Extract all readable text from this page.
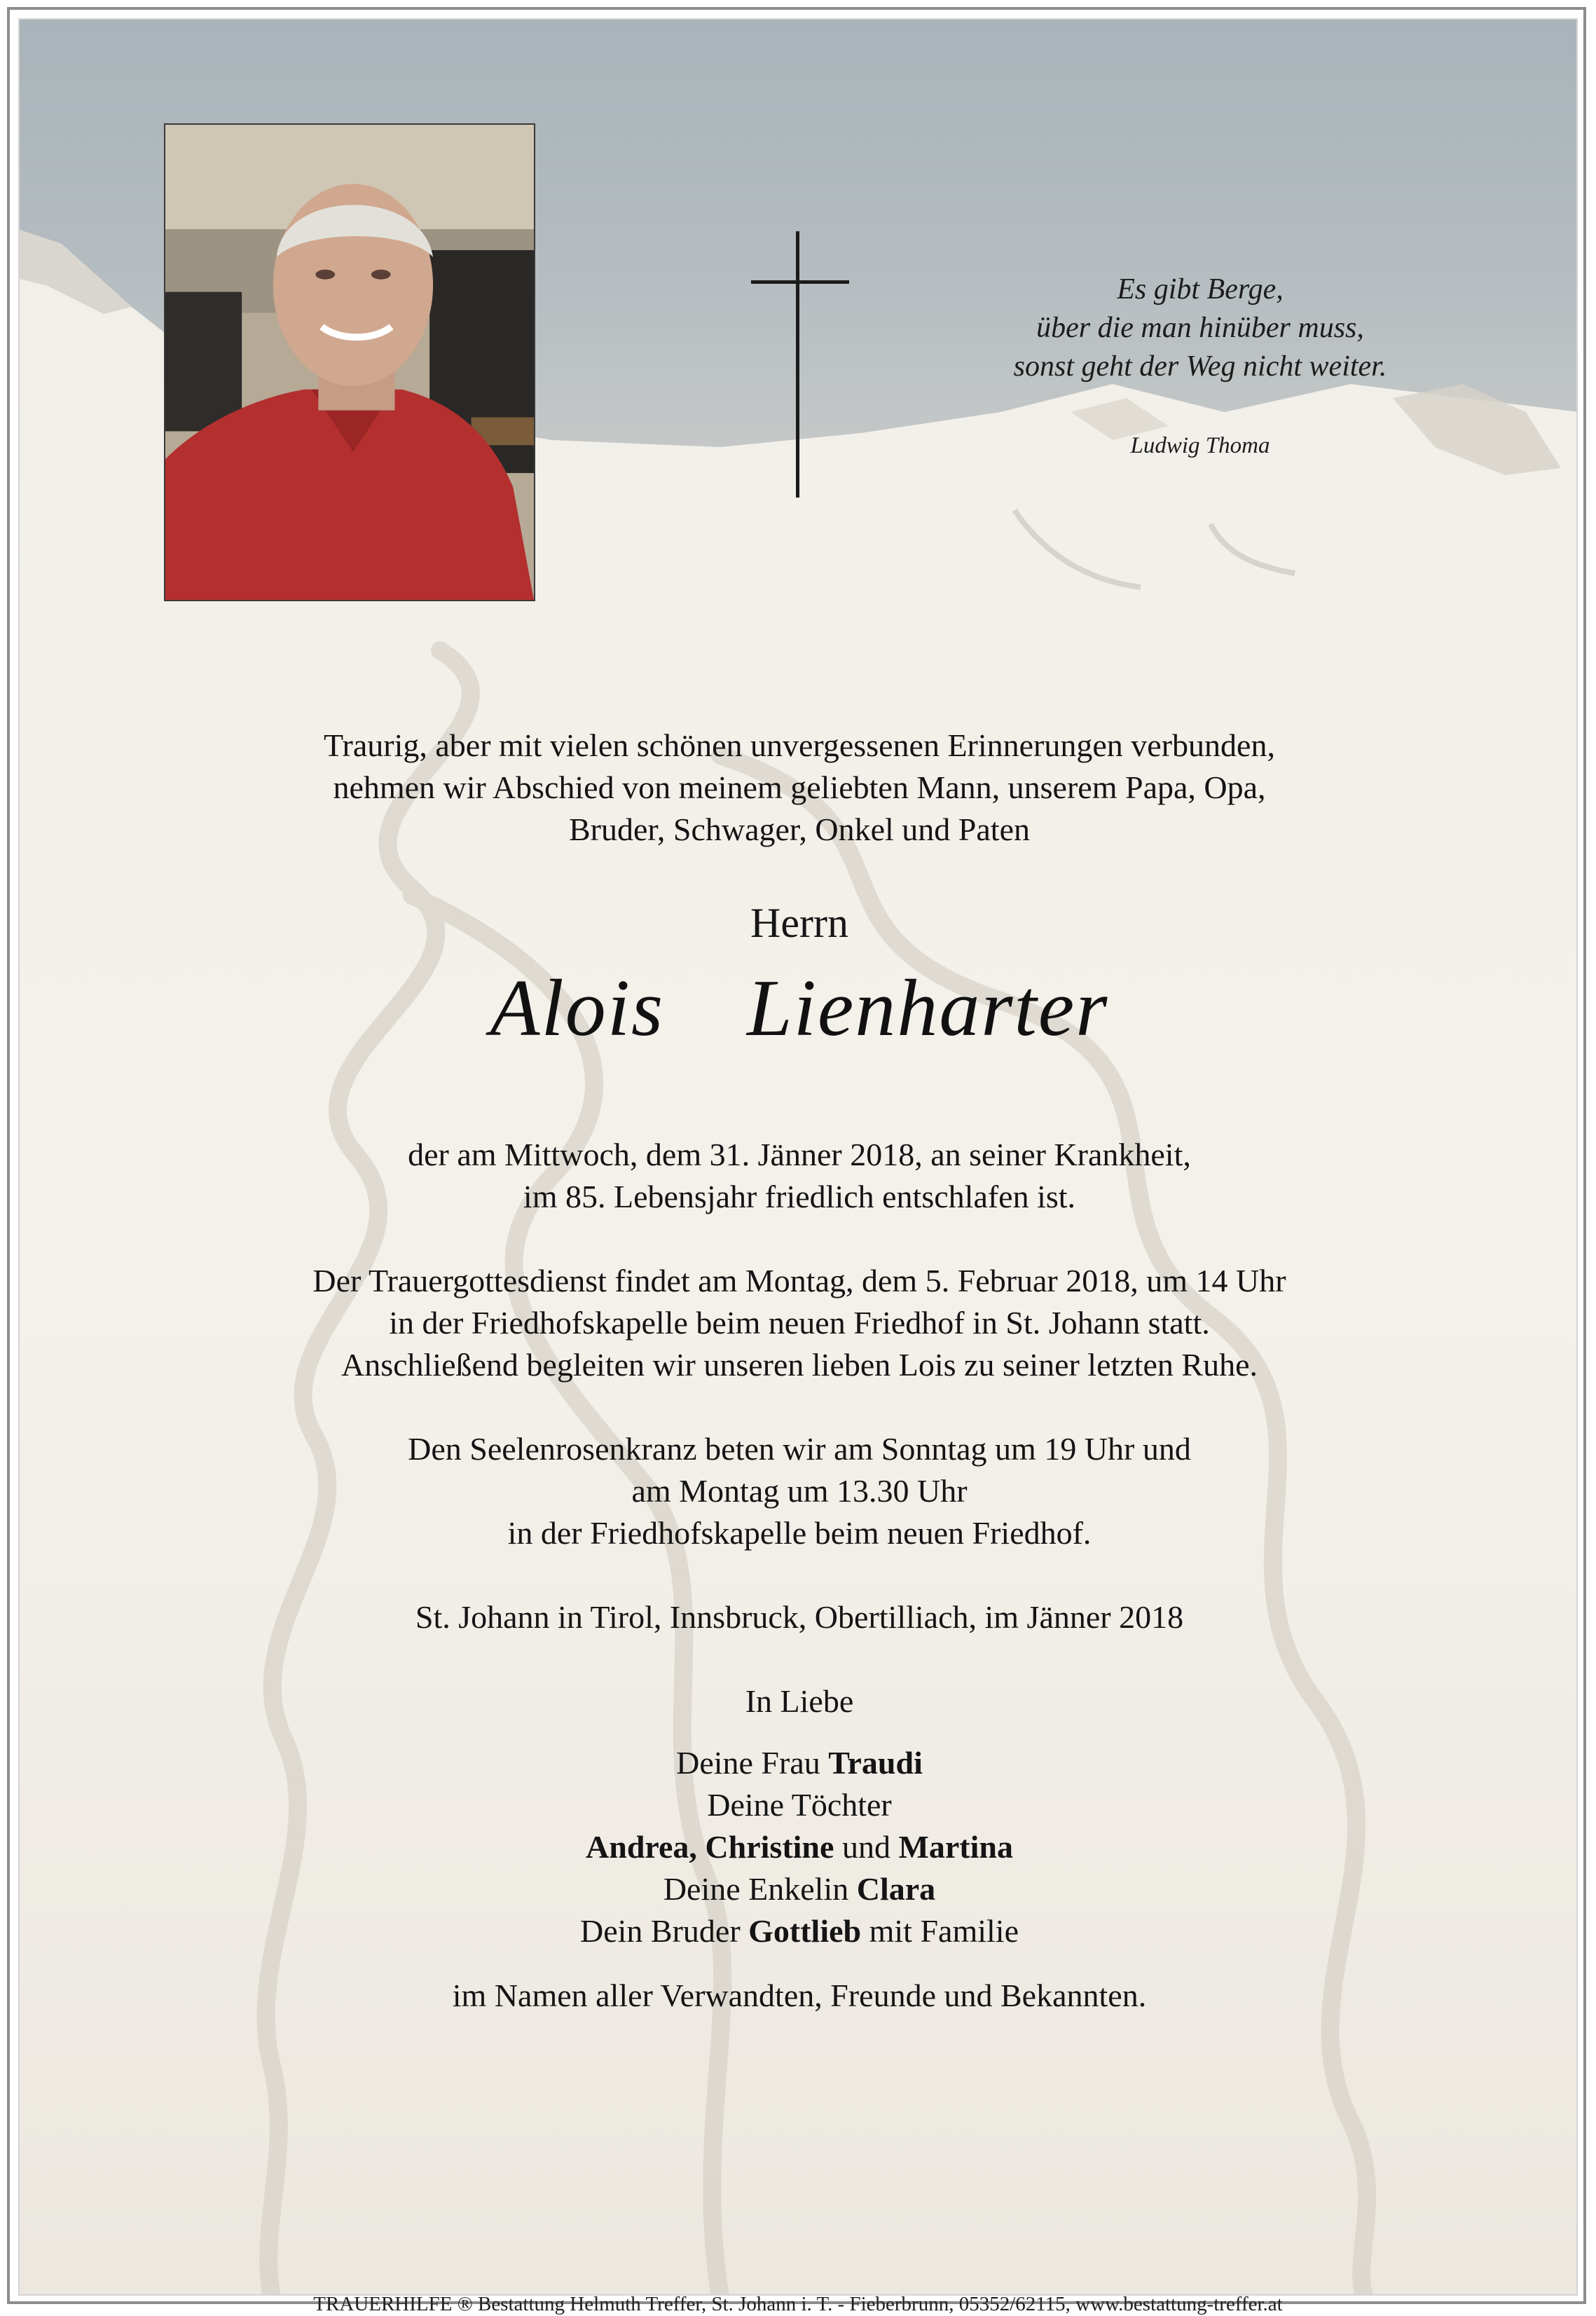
Es gibt Berge,
über die man hinüber muss,
sonst geht der Weg nicht weiter.
Ludwig Thoma
Traurig, aber mit vielen schönen unvergessenen Erinnerungen verbunden,
nehmen wir Abschied von meinem geliebten Mann, unserem Papa, Opa,
Bruder, Schwager, Onkel und Paten
Herrn
Alois  Lienharter
der am Mittwoch, dem 31. Jänner 2018, an seiner Krankheit,
im 85. Lebensjahr friedlich entschlafen ist.
Der Trauergottesdienst findet am Montag, dem 5. Februar 2018, um 14 Uhr
in der Friedhofskapelle beim neuen Friedhof in St. Johann statt.
Anschließend begleiten wir unseren lieben Lois zu seiner letzten Ruhe.
Den Seelenrosenkranz beten wir am Sonntag um 19 Uhr und
am Montag um 13.30 Uhr
in der Friedhofskapelle beim neuen Friedhof.
St. Johann in Tirol, Innsbruck, Obertilliach, im Jänner 2018
In Liebe
Deine Frau Traudi
Deine Töchter
Andrea, Christine und Martina
Deine Enkelin Clara
Dein Bruder Gottlieb mit Familie
im Namen aller Verwandten, Freunde und Bekannten.
TRAUERHILFE ® Bestattung Helmuth Treffer, St. Johann i. T. - Fieberbrunn, 05352/62115, www.bestattung-treffer.at
